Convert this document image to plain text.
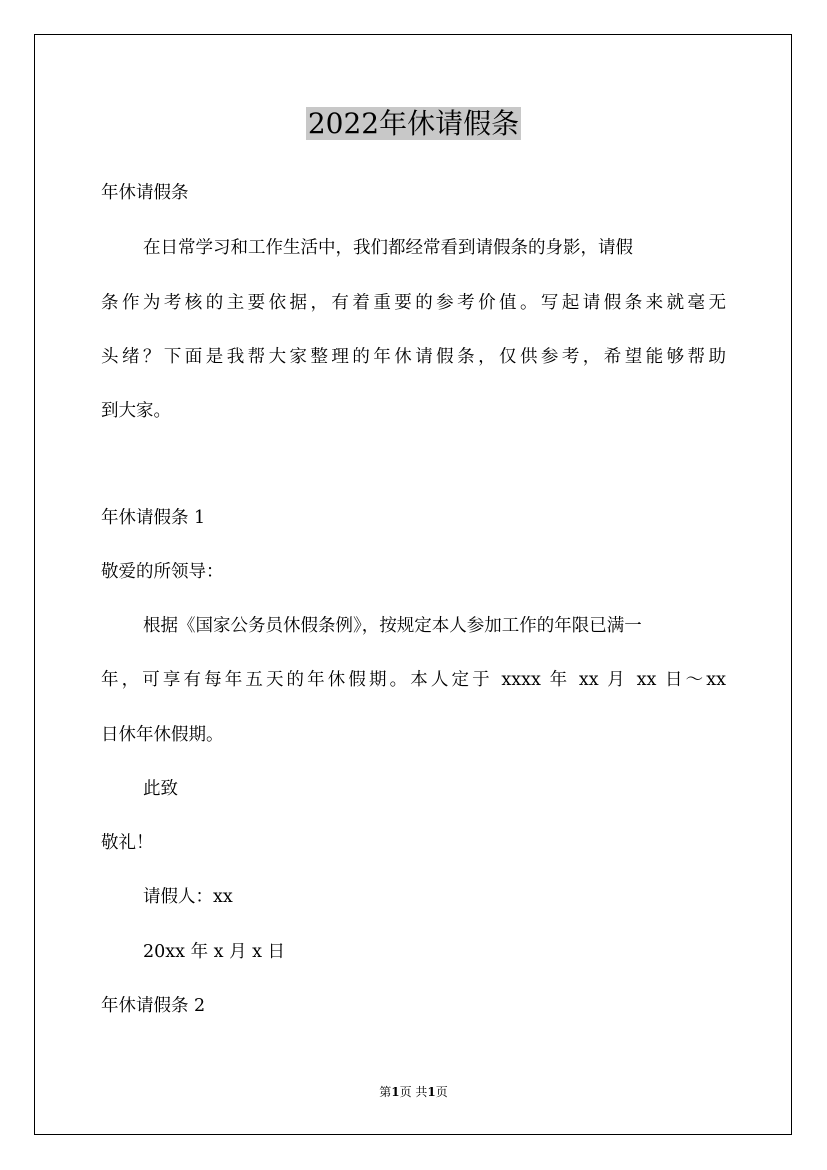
2022年休请假条

年休请假条

在日常学习和工作生活中，我们都经常看到请假条的身影，请假

条作为考核的主要依据，有着重要的参考价值。写起请假条来就毫无

头绪？下面是我帮大家整理的年休请假条，仅供参考，希望能够帮助

到大家。

年休请假条 1

敬爱的所领导：

根据《国家公务员休假条例》，按规定本人参加工作的年限已满一

年，可享有每年五天的年休假期。本人定于 xxxx 年 xx 月 xx 日～xx

日休年休假期。

此致

敬礼！

请假人：xx

20xx 年 x 月 x 日

年休请假条 2

第1页 共1页
